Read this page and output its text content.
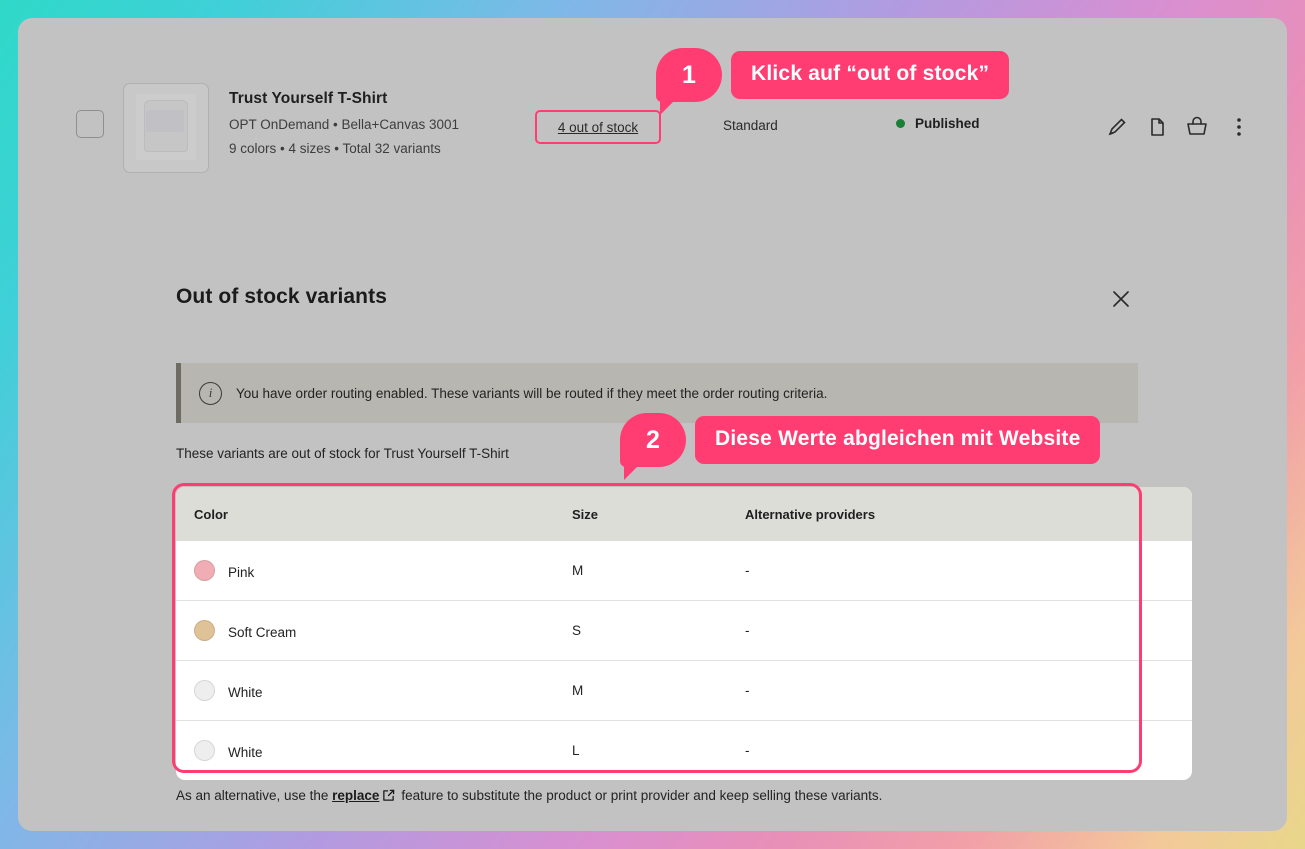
Trust Yourself T-Shirt
OPT OnDemand • Bella+Canvas 3001
9 colors • 4 sizes • Total 32 variants
4 out of stock	Standard	Published
Out of stock variants
i	You have order routing enabled. These variants will be routed if they meet the order routing criteria.
These variants are out of stock for Trust Yourself T-Shirt
Color	Size	Alternative providers
Pink	M	-
Soft Cream	S	-
White	M	-
White	L	-
As an alternative, use the replace feature to substitute the product or print provider and keep selling these variants.
1	Klick auf “out of stock”
2	Diese Werte abgleichen mit Website
